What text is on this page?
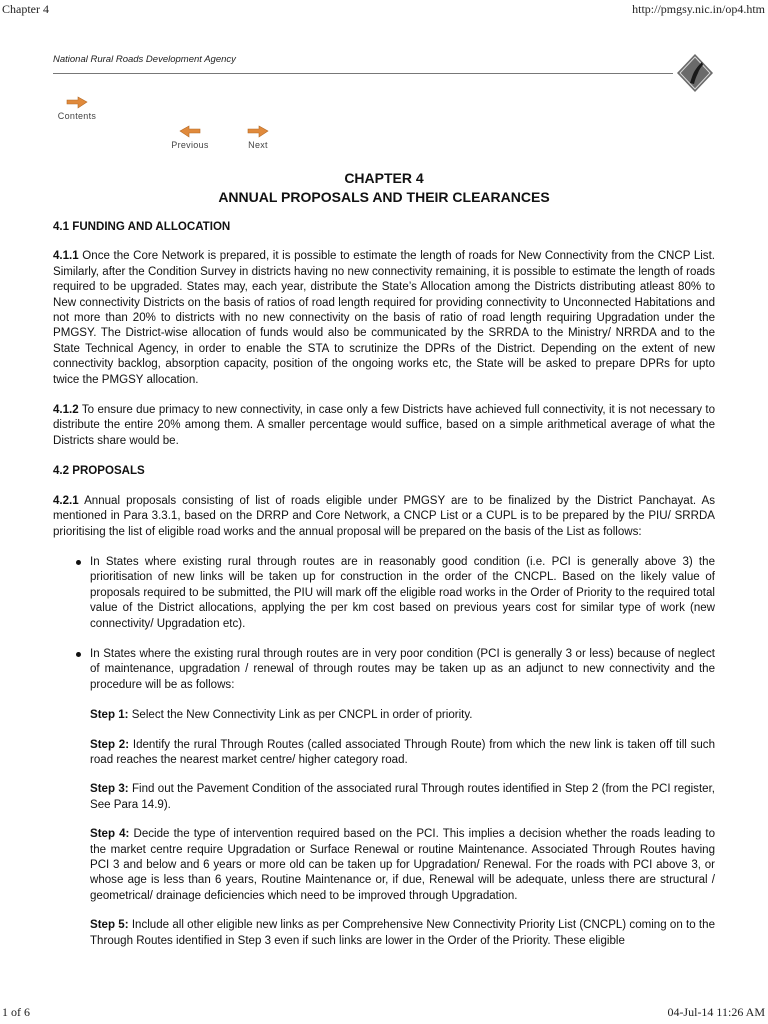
Chapter 4	http://pmgsy.nic.in/op4.htm
National Rural Roads Development Agency
Contents
Previous	Next
CHAPTER 4
ANNUAL PROPOSALS AND THEIR CLEARANCES
4.1 FUNDING AND ALLOCATION

4.1.1 Once the Core Network is prepared, it is possible to estimate the length of roads for New Connectivity from the CNCP List. Similarly, after the Condition Survey in districts having no new connectivity remaining, it is possible to estimate the length of roads required to be upgraded. States may, each year, distribute the State’s Allocation among the Districts distributing atleast 80% to New connectivity Districts on the basis of ratios of road length required for providing connectivity to Unconnected Habitations and not more than 20% to districts with no new connectivity on the basis of ratio of road length requiring Upgradation under the PMGSY. The District-wise allocation of funds would also be communicated by the SRRDA to the Ministry/ NRRDA and to the State Technical Agency, in order to enable the STA to scrutinize the DPRs of the District. Depending on the extent of new connectivity backlog, absorption capacity, position of the ongoing works etc, the State will be asked to prepare DPRs for upto twice the PMGSY allocation.

4.1.2 To ensure due primacy to new connectivity, in case only a few Districts have achieved full connectivity, it is not necessary to distribute the entire 20% among them. A smaller percentage would suffice, based on a simple arithmetical average of what the Districts share would be.

4.2 PROPOSALS

4.2.1 Annual proposals consisting of list of roads eligible under PMGSY are to be finalized by the District Panchayat. As mentioned in Para 3.3.1, based on the DRRP and Core Network, a CNCP List or a CUPL is to be prepared by the PIU/ SRRDA prioritising the list of eligible road works and the annual proposal will be prepared on the basis of the List as follows:

In States where existing rural through routes are in reasonably good condition (i.e. PCI is generally above 3) the prioritisation of new links will be taken up for construction in the order of the CNCPL. Based on the likely value of proposals required to be submitted, the PIU will mark off the eligible road works in the Order of Priority to the required total value of the District allocations, applying the per km cost based on previous years cost for similar type of work (new connectivity/ Upgradation etc).
In States where the existing rural through routes are in very poor condition (PCI is generally 3 or less) because of neglect of maintenance, upgradation / renewal of through routes may be taken up as an adjunct to new connectivity and the procedure will be as follows:

Step 1: Select the New Connectivity Link as per CNCPL in order of priority.

Step 2: Identify the rural Through Routes (called associated Through Route) from which the new link is taken off till such road reaches the nearest market centre/ higher category road.

Step 3: Find out the Pavement Condition of the associated rural Through routes identified in Step 2 (from the PCI register, See Para 14.9).

Step 4: Decide the type of intervention required based on the PCI. This implies a decision whether the roads leading to the market centre require Upgradation or Surface Renewal or routine Maintenance. Associated Through Routes having PCI 3 and below and 6 years or more old can be taken up for Upgradation/ Renewal. For the roads with PCI above 3, or whose age is less than 6 years, Routine Maintenance or, if due, Renewal will be adequate, unless there are structural / geometrical/ drainage deficiencies which need to be improved through Upgradation.

Step 5: Include all other eligible new links as per Comprehensive New Connectivity Priority List (CNCPL) coming on to the Through Routes identified in Step 3 even if such links are lower in the Order of the Priority. These eligible

1 of 6	04-Jul-14 11:26 AM
